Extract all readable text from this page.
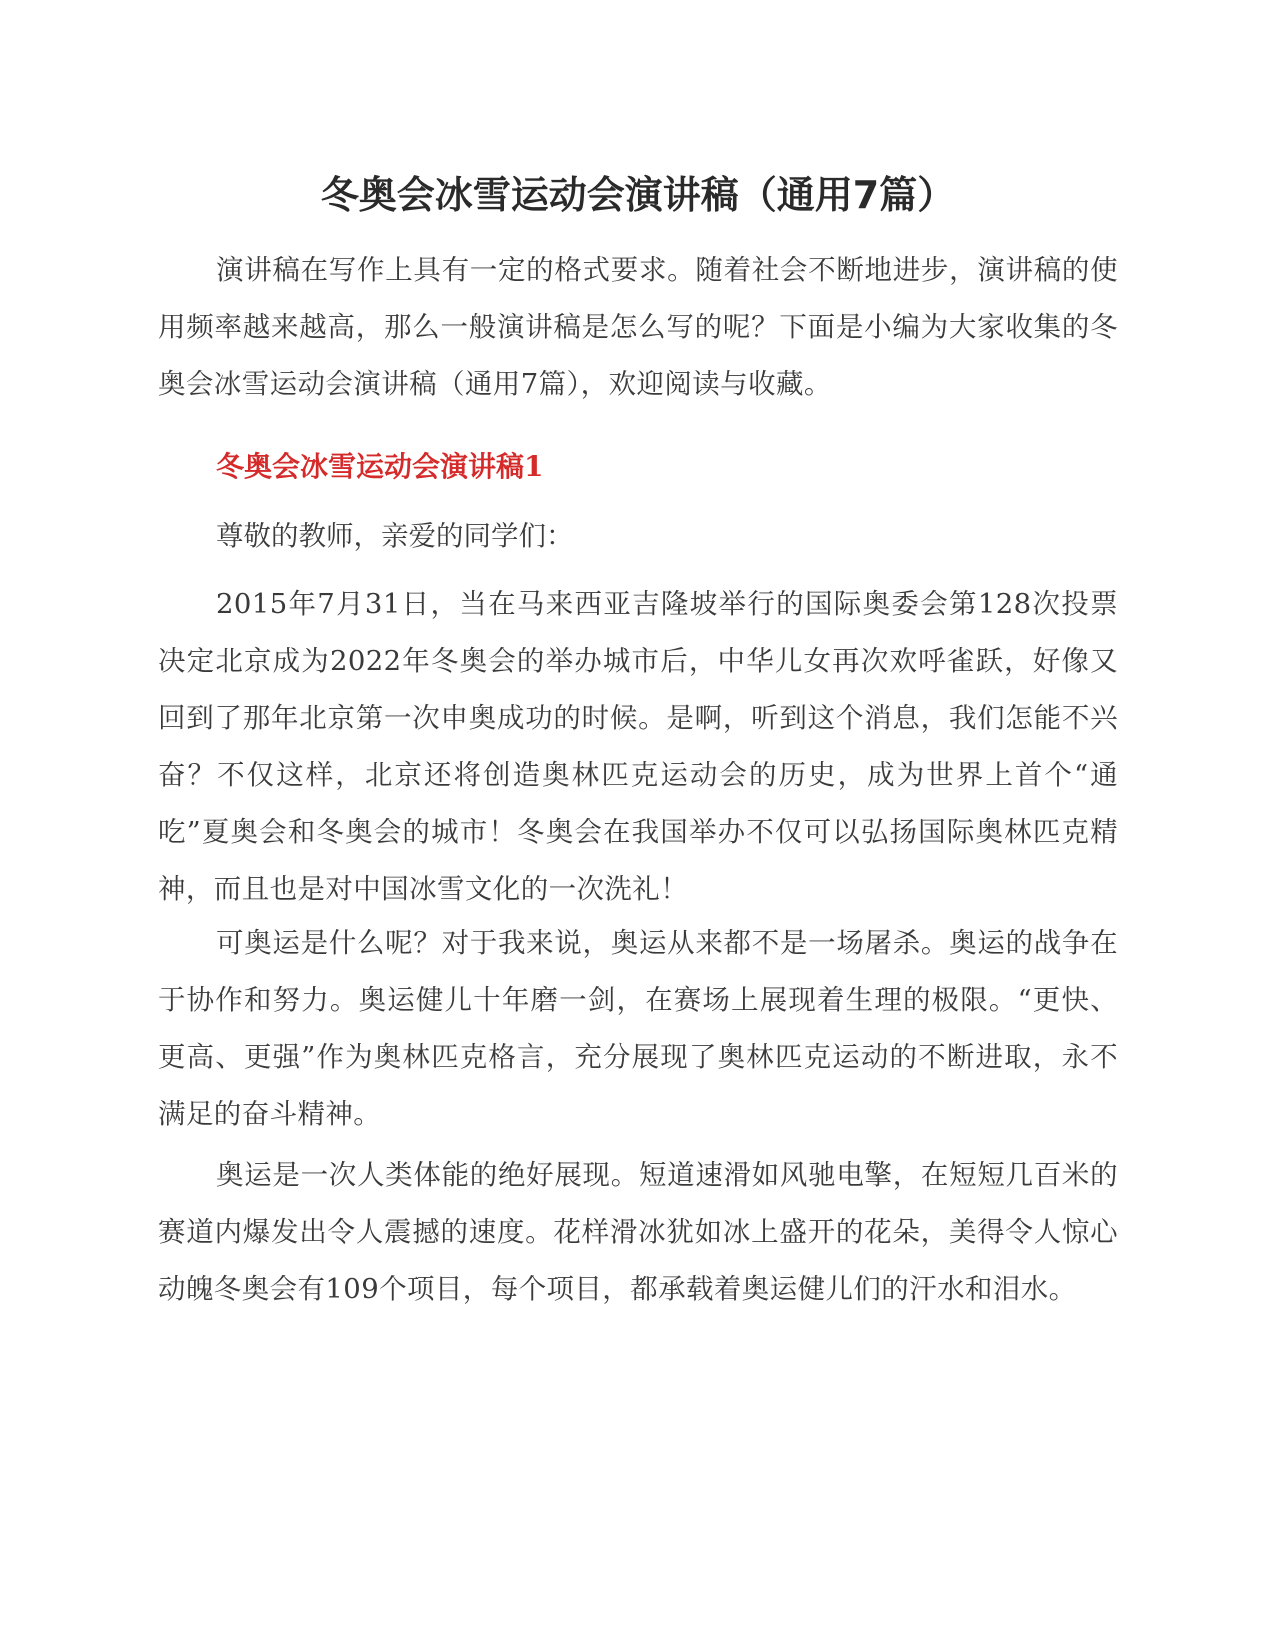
冬奥会冰雪运动会演讲稿（通用7篇）

演讲稿在写作上具有一定的格式要求。随着社会不断地进步，演讲稿的使用频率越来越高，那么一般演讲稿是怎么写的呢？下面是小编为大家收集的冬奥会冰雪运动会演讲稿（通用7篇），欢迎阅读与收藏。

冬奥会冰雪运动会演讲稿1

尊敬的教师，亲爱的同学们：

2015年7月31日，当在马来西亚吉隆坡举行的国际奥委会第128次投票决定北京成为2022年冬奥会的举办城市后，中华儿女再次欢呼雀跃，好像又回到了那年北京第一次申奥成功的时候。是啊，听到这个消息，我们怎能不兴奋？不仅这样，北京还将创造奥林匹克运动会的历史，成为世界上首个“通吃”夏奥会和冬奥会的城市！冬奥会在我国举办不仅可以弘扬国际奥林匹克精神，而且也是对中国冰雪文化的一次洗礼！

可奥运是什么呢？对于我来说，奥运从来都不是一场屠杀。奥运的战争在于协作和努力。奥运健儿十年磨一剑，在赛场上展现着生理的极限。“更快、更高、更强”作为奥林匹克格言，充分展现了奥林匹克运动的不断进取，永不满足的奋斗精神。

奥运是一次人类体能的绝好展现。短道速滑如风驰电擎，在短短几百米的赛道内爆发出令人震撼的速度。花样滑冰犹如冰上盛开的花朵，美得令人惊心动魄冬奥会有109个项目，每个项目，都承载着奥运健儿们的汗水和泪水。
